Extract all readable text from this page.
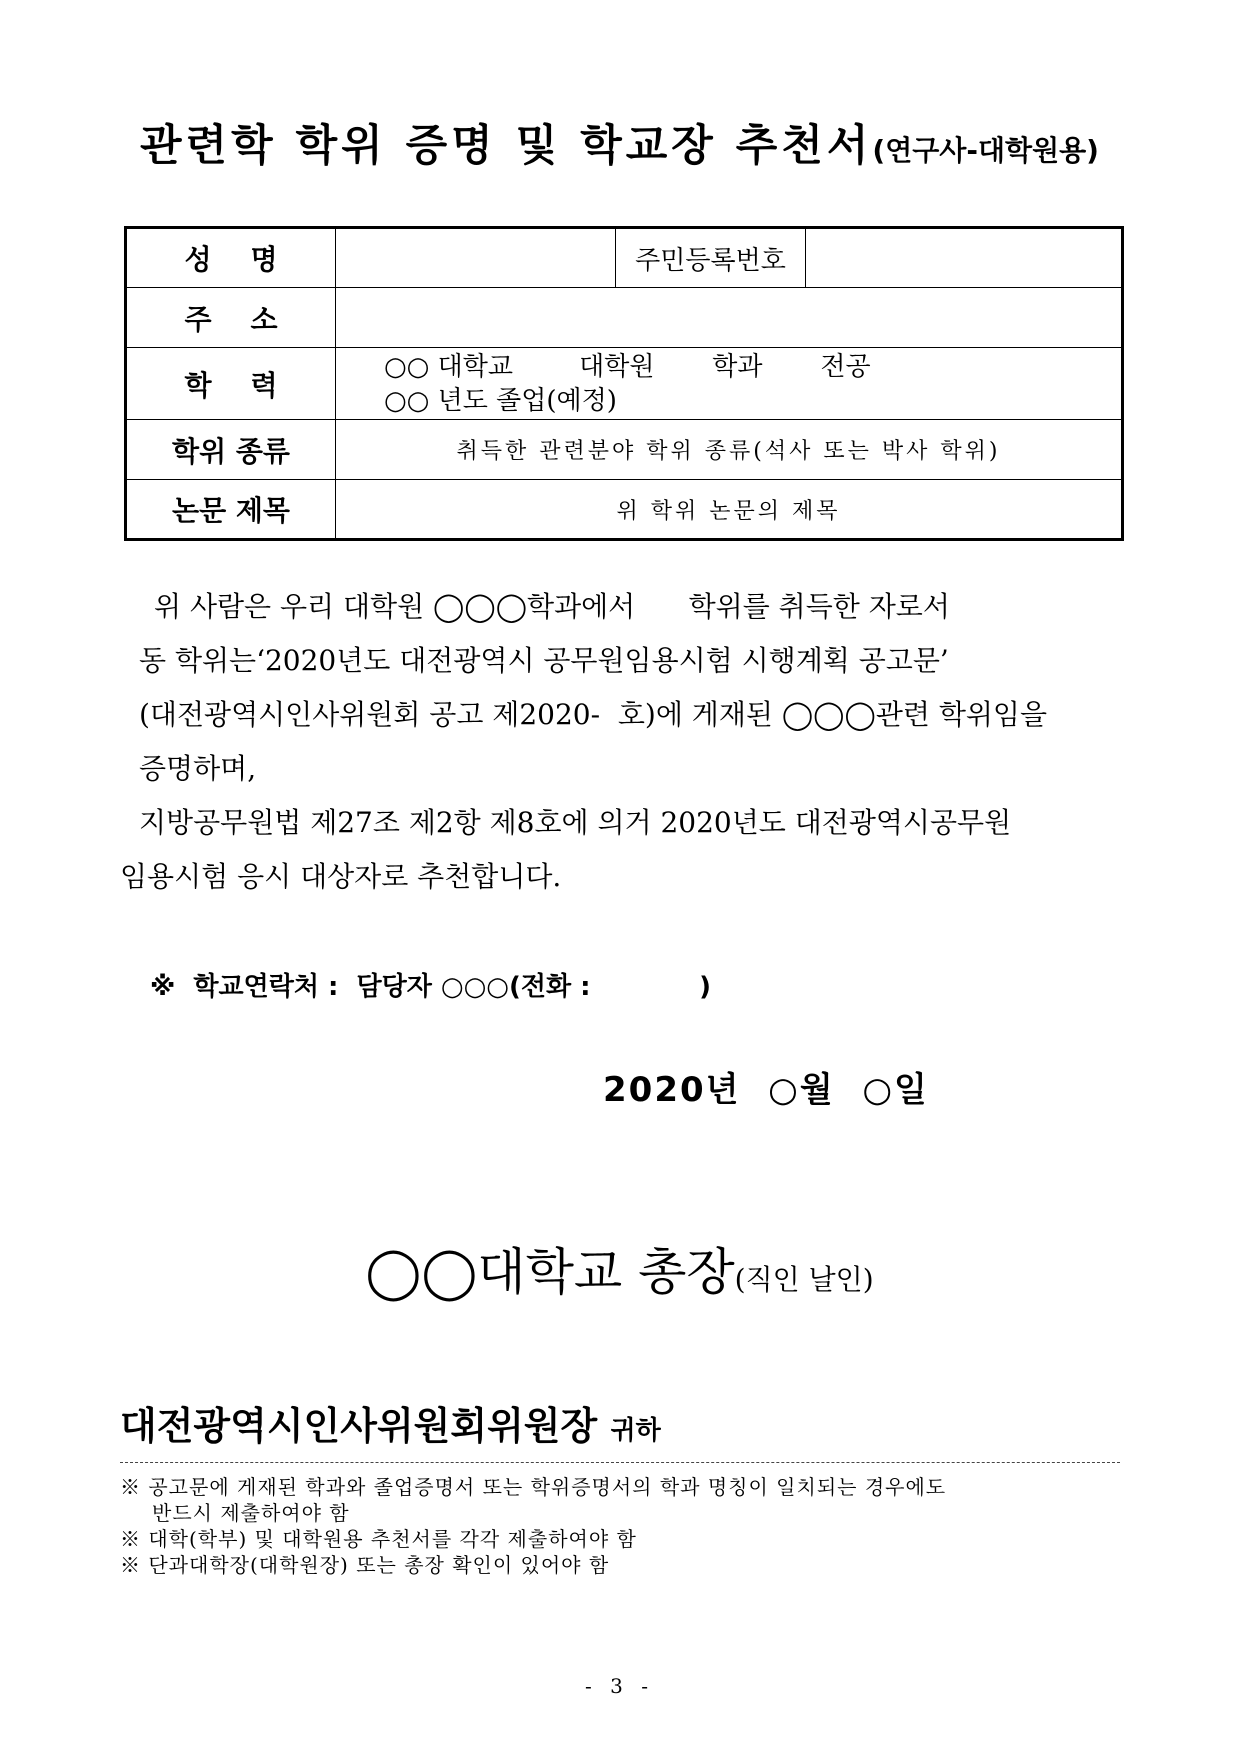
관련학 학위 증명 및 학교장 추천서(연구사-대학원용)
성    명		주민등록번호	
주    소			
학    력	○○ 대학교        대학원       학과       전공
○○ 년도 졸업(예정)		

학위 종류	취득한 관련분야 학위 종류(석사 또는 박사 학위)		
논문 제목	위 학위 논문의 제목		
위 사람은 우리 대학원 ◯◯◯학과에서      학위를 취득한 자로서
동 학위는‘2020년도 대전광역시 공무원임용시험 시행계획 공고문’
(대전광역시인사위원회 공고 제2020-  호)에 게재된 ◯◯◯관련 학위임을
증명하며,
지방공무원법 제27조 제2항 제8호에 의거 2020년도 대전광역시공무원
임용시험 응시 대상자로 추천합니다.
※  학교연락처 :  담당자 ○○○(전화 :            )
2020년  ○월  ○일
◯◯대학교 총장(직인 날인)
대전광역시인사위원회위원장 귀하
※ 공고문에 게재된 학과와 졸업증명서 또는 학위증명서의 학과 명칭이 일치되는 경우에도
반드시 제출하여야 함
※ 대학(학부) 및 대학원용 추천서를 각각 제출하여야 함
※ 단과대학장(대학원장) 또는 총장 확인이 있어야 함
- 3 -
